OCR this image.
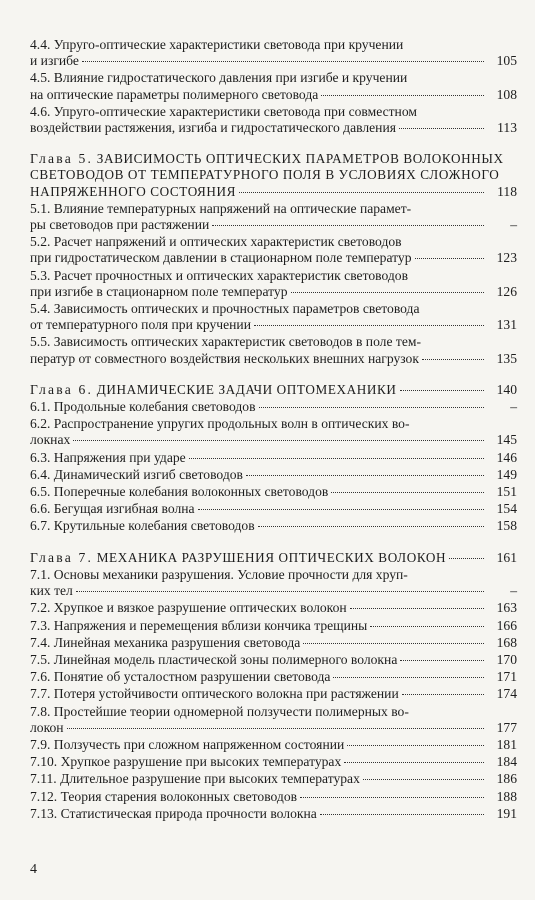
4.4. Упруго-оптические характеристики световода при кручении
и изгибе	105
4.5. Влияние гидростатического давления при изгибе и кручении
на оптические параметры полимерного световода	108
4.6. Упруго-оптические характеристики световода при совместном
воздействии растяжения, изгиба и гидростатического давления	113
Глава 5. ЗАВИСИМОСТЬ ОПТИЧЕСКИХ ПАРАМЕТРОВ ВОЛОКОННЫХ
СВЕТОВОДОВ ОТ ТЕМПЕРАТУРНОГО ПОЛЯ В УСЛОВИЯХ СЛОЖНОГО
НАПРЯЖЕННОГО СОСТОЯНИЯ	118
5.1. Влияние температурных напряжений на оптические парамет-
ры световодов при растяжении	–
5.2. Расчет напряжений и оптических характеристик световодов
при гидростатическом давлении в стационарном поле температур	123
5.3. Расчет прочностных и оптических характеристик световодов
при изгибе в стационарном поле температур	126
5.4. Зависимость оптических и прочностных параметров световода
от температурного поля при кручении	131
5.5. Зависимость оптических характеристик световодов в поле тем-
ператур от совместного воздействия нескольких внешних нагрузок	135
Глава 6. ДИНАМИЧЕСКИЕ ЗАДАЧИ ОПТОМЕХАНИКИ	140
6.1. Продольные колебания световодов	–
6.2. Распространение упругих продольных волн в оптических во-
локнах	145
6.3. Напряжения при ударе	146
6.4. Динамический изгиб световодов	149
6.5. Поперечные колебания волоконных световодов	151
6.6. Бегущая изгибная волна	154
6.7. Крутильные колебания световодов	158
Глава 7. МЕХАНИКА РАЗРУШЕНИЯ ОПТИЧЕСКИХ ВОЛОКОН	161
7.1. Основы механики разрушения. Условие прочности для хруп-
ких тел	–
7.2. Хрупкое и вязкое разрушение оптических волокон	163
7.3. Напряжения и перемещения вблизи кончика трещины	166
7.4. Линейная механика разрушения световода	168
7.5. Линейная модель пластической зоны полимерного волокна	170
7.6. Понятие об усталостном разрушении световода	171
7.7. Потеря устойчивости оптического волокна при растяжении	174
7.8. Простейшие теории одномерной ползучести полимерных во-
локон	177
7.9. Ползучесть при сложном напряженном состоянии	181
7.10. Хрупкое разрушение при высоких температурах	184
7.11. Длительное разрушение при высоких температурах	186
7.12. Теория старения волоконных световодов	188
7.13. Статистическая природа прочности волокна	191
4
